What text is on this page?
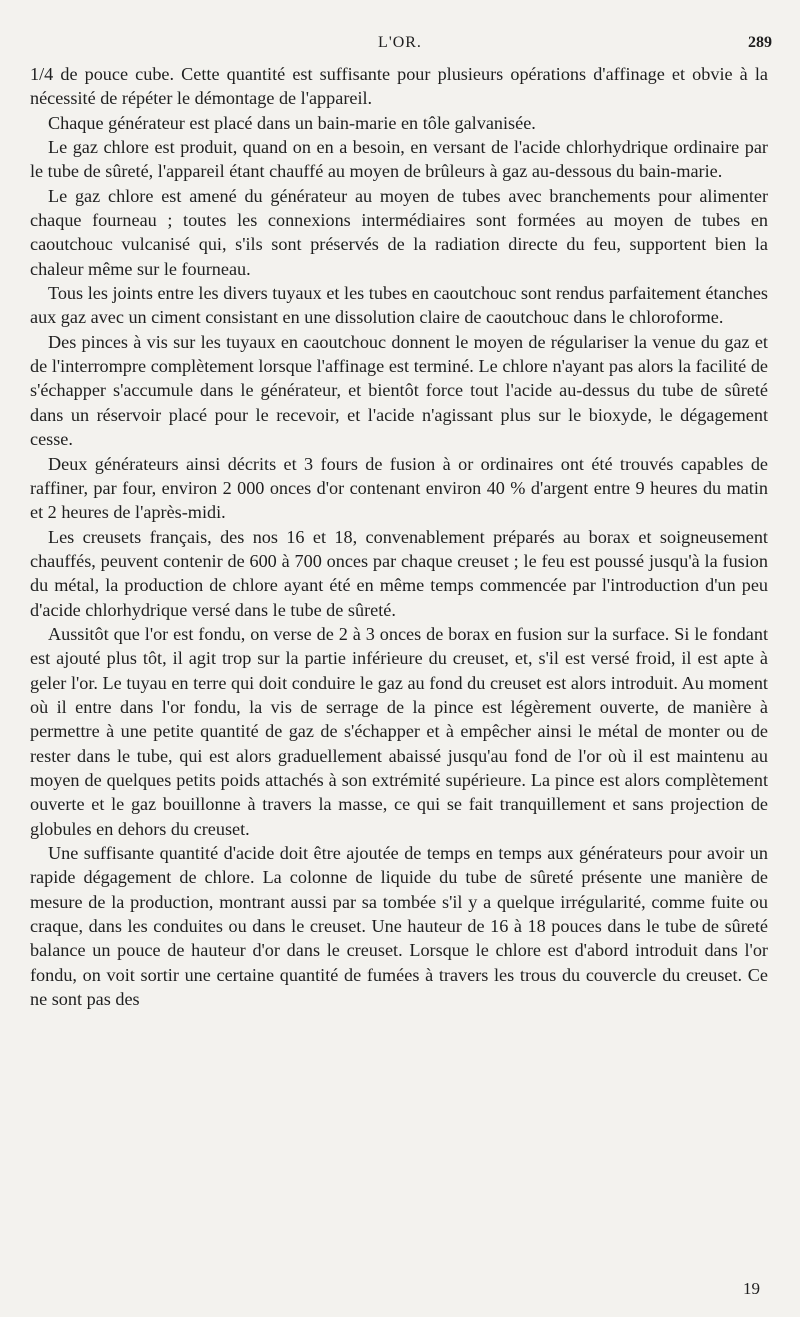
L'OR.	289

1/4 de pouce cube. Cette quantité est suffisante pour plusieurs opérations d'affinage et obvie à la nécessité de répéter le démontage de l'appareil.

Chaque générateur est placé dans un bain-marie en tôle galvanisée.

Le gaz chlore est produit, quand on en a besoin, en versant de l'acide chlorhydrique ordinaire par le tube de sûreté, l'appareil étant chauffé au moyen de brûleurs à gaz au-dessous du bain-marie.

Le gaz chlore est amené du générateur au moyen de tubes avec branchements pour alimenter chaque fourneau ; toutes les connexions intermédiaires sont formées au moyen de tubes en caoutchouc vulcanisé qui, s'ils sont préservés de la radiation directe du feu, supportent bien la chaleur même sur le fourneau.

Tous les joints entre les divers tuyaux et les tubes en caoutchouc sont rendus parfaitement étanches aux gaz avec un ciment consistant en une dissolution claire de caoutchouc dans le chloroforme.

Des pinces à vis sur les tuyaux en caoutchouc donnent le moyen de régulariser la venue du gaz et de l'interrompre complètement lorsque l'affinage est terminé. Le chlore n'ayant pas alors la facilité de s'échapper s'accumule dans le générateur, et bientôt force tout l'acide au-dessus du tube de sûreté dans un réservoir placé pour le recevoir, et l'acide n'agissant plus sur le bioxyde, le dégagement cesse.

Deux générateurs ainsi décrits et 3 fours de fusion à or ordinaires ont été trouvés capables de raffiner, par four, environ 2 000 onces d'or contenant environ 40 % d'argent entre 9 heures du matin et 2 heures de l'après-midi.

Les creusets français, des nos 16 et 18, convenablement préparés au borax et soigneusement chauffés, peuvent contenir de 600 à 700 onces par chaque creuset ; le feu est poussé jusqu'à la fusion du métal, la production de chlore ayant été en même temps commencée par l'introduction d'un peu d'acide chlorhydrique versé dans le tube de sûreté.

Aussitôt que l'or est fondu, on verse de 2 à 3 onces de borax en fusion sur la surface. Si le fondant est ajouté plus tôt, il agit trop sur la partie inférieure du creuset, et, s'il est versé froid, il est apte à geler l'or. Le tuyau en terre qui doit conduire le gaz au fond du creuset est alors introduit. Au moment où il entre dans l'or fondu, la vis de serrage de la pince est légèrement ouverte, de manière à permettre à une petite quantité de gaz de s'échapper et à empêcher ainsi le métal de monter ou de rester dans le tube, qui est alors graduellement abaissé jusqu'au fond de l'or où il est maintenu au moyen de quelques petits poids attachés à son extrémité supérieure. La pince est alors complètement ouverte et le gaz bouillonne à travers la masse, ce qui se fait tranquillement et sans projection de globules en dehors du creuset.

Une suffisante quantité d'acide doit être ajoutée de temps en temps aux générateurs pour avoir un rapide dégagement de chlore. La colonne de liquide du tube de sûreté présente une manière de mesure de la production, montrant aussi par sa tombée s'il y a quelque irrégularité, comme fuite ou craque, dans les conduites ou dans le creuset. Une hauteur de 16 à 18 pouces dans le tube de sûreté balance un pouce de hauteur d'or dans le creuset. Lorsque le chlore est d'abord introduit dans l'or fondu, on voit sortir une certaine quantité de fumées à travers les trous du couvercle du creuset. Ce ne sont pas des

19
